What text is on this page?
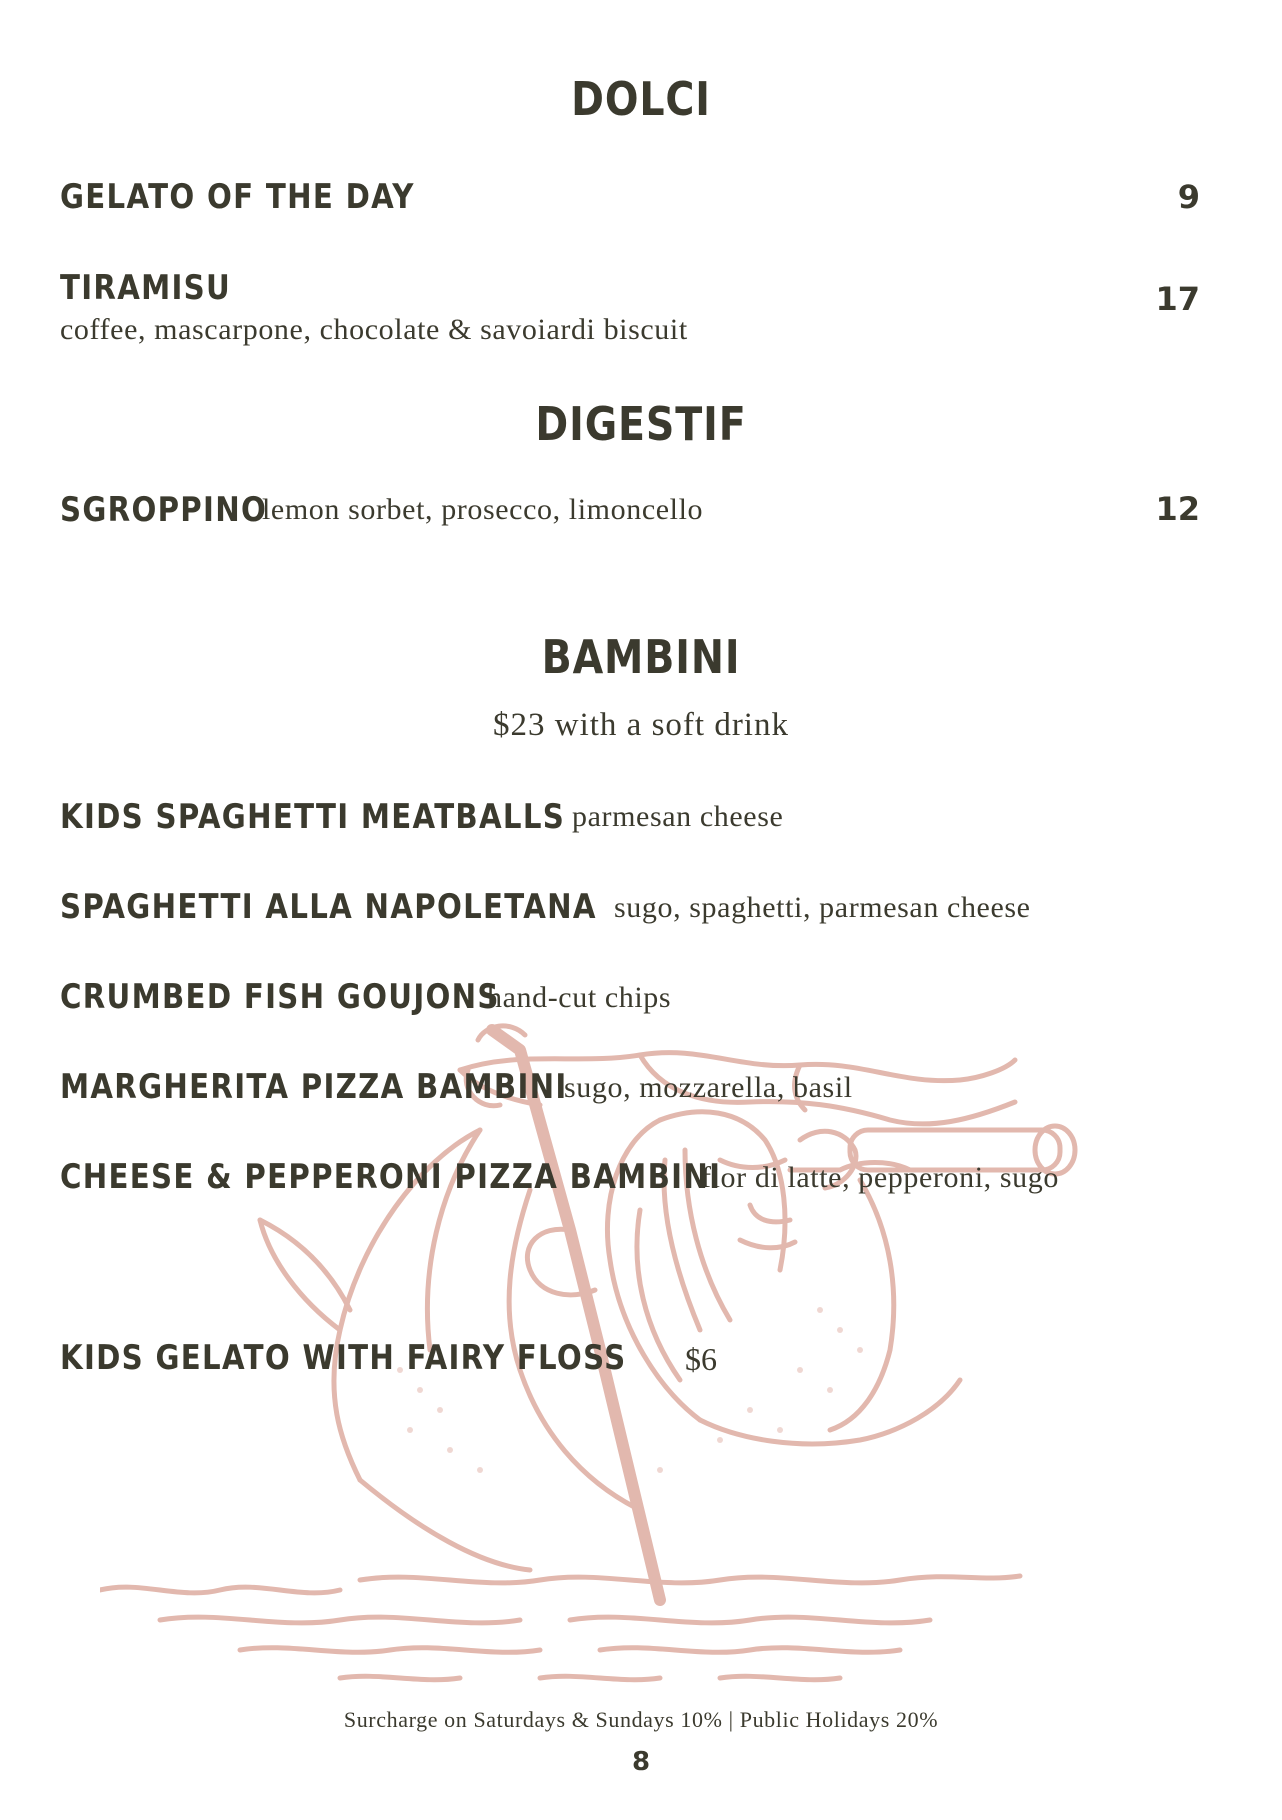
DOLCI
GELATO OF THE DAY	9
TIRAMISU
coffee, mascarpone, chocolate & savoiardi biscuit
17
DIGESTIF
SGROPPINO
lemon sorbet, prosecco, limoncello	12
BAMBINI
$23 with a soft drink
KIDS SPAGHETTI MEATBALLS parmesan cheese
SPAGHETTI ALLA NAPOLETANA sugo, spaghetti, parmesan cheese
CRUMBED FISH GOUJONS
hand-cut chips
MARGHERITA PIZZA BAMBINI
sugo, mozzarella, basil
CHEESE & PEPPERONI PIZZA BAMBINI
fior di latte, pepperoni, sugo
KIDS GELATO WITH FAIRY FLOSS	$6
Surcharge on Saturdays & Sundays 10% | Public Holidays 20%
8
